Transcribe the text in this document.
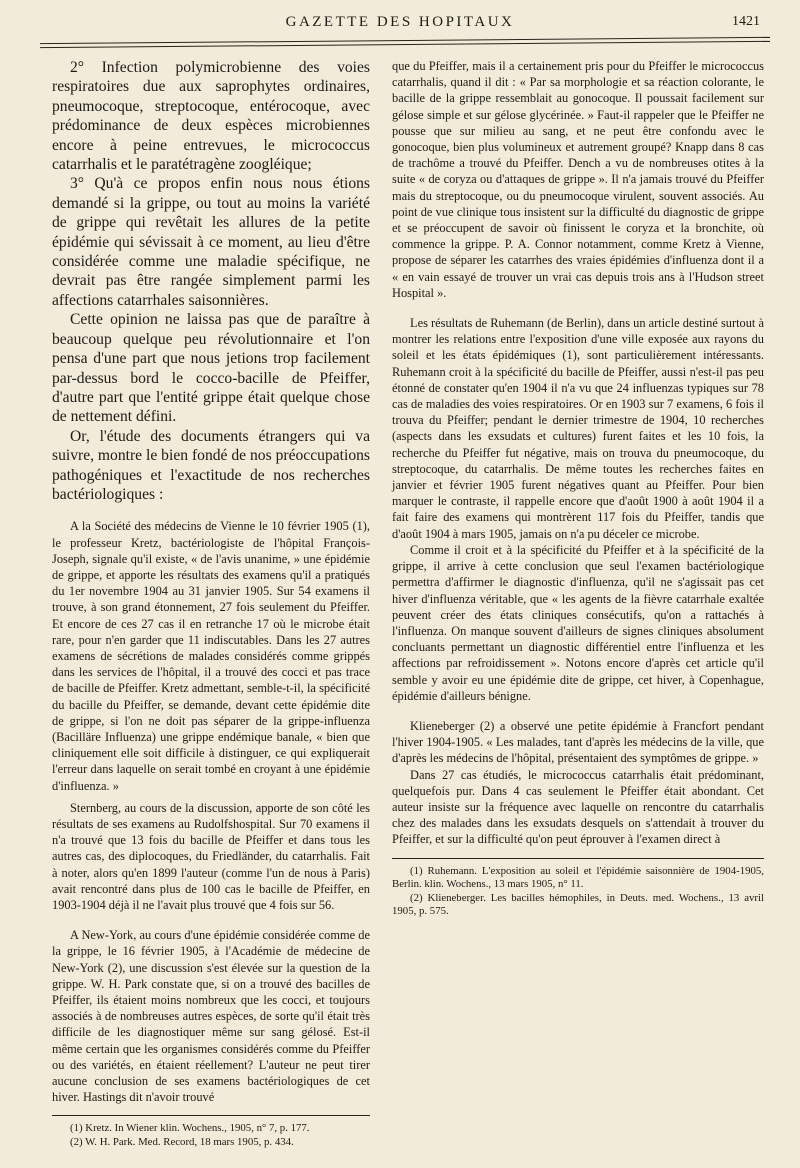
GAZETTE DES HOPITAUX	1421

2° Infection polymicrobienne des voies respiratoires due aux saprophytes ordinaires, pneumocoque, streptocoque, entérocoque, avec prédominance de deux espèces microbiennes encore à peine entrevues, le micrococcus catarrhalis et le paratétragène zoogléique;

3° Qu'à ce propos enfin nous nous étions demandé si la grippe, ou tout au moins la variété de grippe qui revêtait les allures de la petite épidémie qui sévissait à ce moment, au lieu d'être considérée comme une maladie spécifique, ne devrait pas être rangée simplement parmi les affections catarrhales saisonnières.

Cette opinion ne laissa pas que de paraître à beaucoup quelque peu révolutionnaire et l'on pensa d'une part que nous jetions trop facilement par-dessus bord le cocco-bacille de Pfeiffer, d'autre part que l'entité grippe était quelque chose de nettement défini.

Or, l'étude des documents étrangers qui va suivre, montre le bien fondé de nos préoccupations pathogéniques et l'exactitude de nos recherches bactériologiques :

A la Société des médecins de Vienne le 10 février 1905 (1), le professeur Kretz, bactériologiste de l'hôpital François-Joseph, signale qu'il existe, « de l'avis unanime, » une épidémie de grippe, et apporte les résultats des examens qu'il a pratiqués du 1er novembre 1904 au 31 janvier 1905. Sur 54 examens il trouve, à son grand étonnement, 27 fois seulement du Pfeiffer. Et encore de ces 27 cas il en retranche 17 où le microbe était rare, pour n'en garder que 11 indiscutables. Dans les 27 autres examens de sécrétions de malades considérés comme grippés dans les services de l'hôpital, il a trouvé des cocci et pas trace de bacille de Pfeiffer. Kretz admettant, semble-t-il, la spécificité du bacille du Pfeiffer, se demande, devant cette épidémie dite de grippe, si l'on ne doit pas séparer de la grippe-influenza (Bacilläre Influenza) une grippe endémique banale, « bien que cliniquement elle soit difficile à distinguer, ce qui expliquerait l'erreur dans laquelle on serait tombé en croyant à une épidémie d'influenza. »

Sternberg, au cours de la discussion, apporte de son côté les résultats de ses examens au Rudolfshospital. Sur 70 examens il n'a trouvé que 13 fois du bacille de Pfeiffer et dans tous les autres cas, des diplocoques, du Friedländer, du catarrhalis. Fait à noter, alors qu'en 1899 l'auteur (comme l'un de nous à Paris) avait rencontré dans plus de 100 cas le bacille de Pfeiffer, en 1903-1904 déjà il ne l'avait plus trouvé que 4 fois sur 56.

A New-York, au cours d'une épidémie considérée comme de la grippe, le 16 février 1905, à l'Académie de médecine de New-York (2), une discussion s'est élevée sur la question de la grippe. W. H. Park constate que, si on a trouvé des bacilles de Pfeiffer, ils étaient moins nombreux que les cocci, et toujours associés à de nombreuses autres espèces, de sorte qu'il était très difficile de les diagnostiquer même sur sang gélosé. Est-il même certain que les organismes considérés comme du Pfeiffer ou des variétés, en étaient réellement? L'auteur ne peut tirer aucune conclusion de ses examens bactériologiques de cet hiver. Hastings dit n'avoir trouvé

(1) Kretz. In Wiener klin. Wochens., 1905, n° 7, p. 177.

(2) W. H. Park. Med. Record, 18 mars 1905, p. 434.

que du Pfeiffer, mais il a certainement pris pour du Pfeiffer le micrococcus catarrhalis, quand il dit : « Par sa morphologie et sa réaction colorante, le bacille de la grippe ressemblait au gonocoque. Il poussait facilement sur gélose simple et sur gélose glycérinée. » Faut-il rappeler que le Pfeiffer ne pousse que sur milieu au sang, et ne peut être confondu avec le gonocoque, bien plus volumineux et autrement groupé? Knapp dans 8 cas de trachôme a trouvé du Pfeiffer. Dench a vu de nombreuses otites à la suite « de coryza ou d'attaques de grippe ». Il n'a jamais trouvé du Pfeiffer mais du streptocoque, ou du pneumocoque virulent, souvent associés. Au point de vue clinique tous insistent sur la difficulté du diagnostic de grippe et se préoccupent de savoir où finissent le coryza et la bronchite, où commence la grippe. P. A. Connor notamment, comme Kretz à Vienne, propose de séparer les catarrhes des vraies épidémies d'influenza dont il a « en vain essayé de trouver un vrai cas depuis trois ans à l'Hudson street Hospital ».

Les résultats de Ruhemann (de Berlin), dans un article destiné surtout à montrer les relations entre l'exposition d'une ville exposée aux rayons du soleil et les états épidémiques (1), sont particulièrement intéressants. Ruhemann croit à la spécificité du bacille de Pfeiffer, aussi n'est-il pas peu étonné de constater qu'en 1904 il n'a vu que 24 influenzas typiques sur 78 cas de maladies des voies respiratoires. Or en 1903 sur 7 examens, 6 fois il trouva du Pfeiffer; pendant le dernier trimestre de 1904, 10 recherches (aspects dans les exsudats et cultures) furent faites et les 10 fois, la recherche du Pfeiffer fut négative, mais on trouva du pneumocoque, du streptocoque, du catarrhalis. De même toutes les recherches faites en janvier et février 1905 furent négatives quant au Pfeiffer. Pour bien marquer le contraste, il rappelle encore que d'août 1900 à août 1904 il a fait faire des examens qui montrèrent 117 fois du Pfeiffer, tandis que d'août 1904 à mars 1905, jamais on n'a pu déceler ce microbe.

Comme il croit et à la spécificité du Pfeiffer et à la spécificité de la grippe, il arrive à cette conclusion que seul l'examen bactériologique permettra d'affirmer le diagnostic d'influenza, qu'il ne s'agissait pas cet hiver d'influenza véritable, que « les agents de la fièvre catarrhale exaltée peuvent créer des états cliniques consécutifs, qu'on a rattachés à l'influenza. On manque souvent d'ailleurs de signes cliniques absolument concluants permettant un diagnostic différentiel entre l'influenza et les affections par refroidissement ». Notons encore d'après cet article qu'il semble y avoir eu une épidémie dite de grippe, cet hiver, à Copenhague, épidémie d'ailleurs bénigne.

Klieneberger (2) a observé une petite épidémie à Francfort pendant l'hiver 1904-1905. « Les malades, tant d'après les médecins de la ville, que d'après les médecins de l'hôpital, présentaient des symptômes de grippe. »

Dans 27 cas étudiés, le micrococcus catarrhalis était prédominant, quelquefois pur. Dans 4 cas seulement le Pfeiffer était abondant. Cet auteur insiste sur la fréquence avec laquelle on rencontre du catarrhalis chez des malades dans les exsudats desquels on s'attendait à trouver du Pfeiffer, et sur la difficulté qu'on peut éprouver à l'examen direct à

(1) Ruhemann. L'exposition au soleil et l'épidémie saisonnière de 1904-1905, Berlin. klin. Wochens., 13 mars 1905, n° 11.

(2) Klieneberger. Les bacilles hémophiles, in Deuts. med. Wochens., 13 avril 1905, p. 575.
